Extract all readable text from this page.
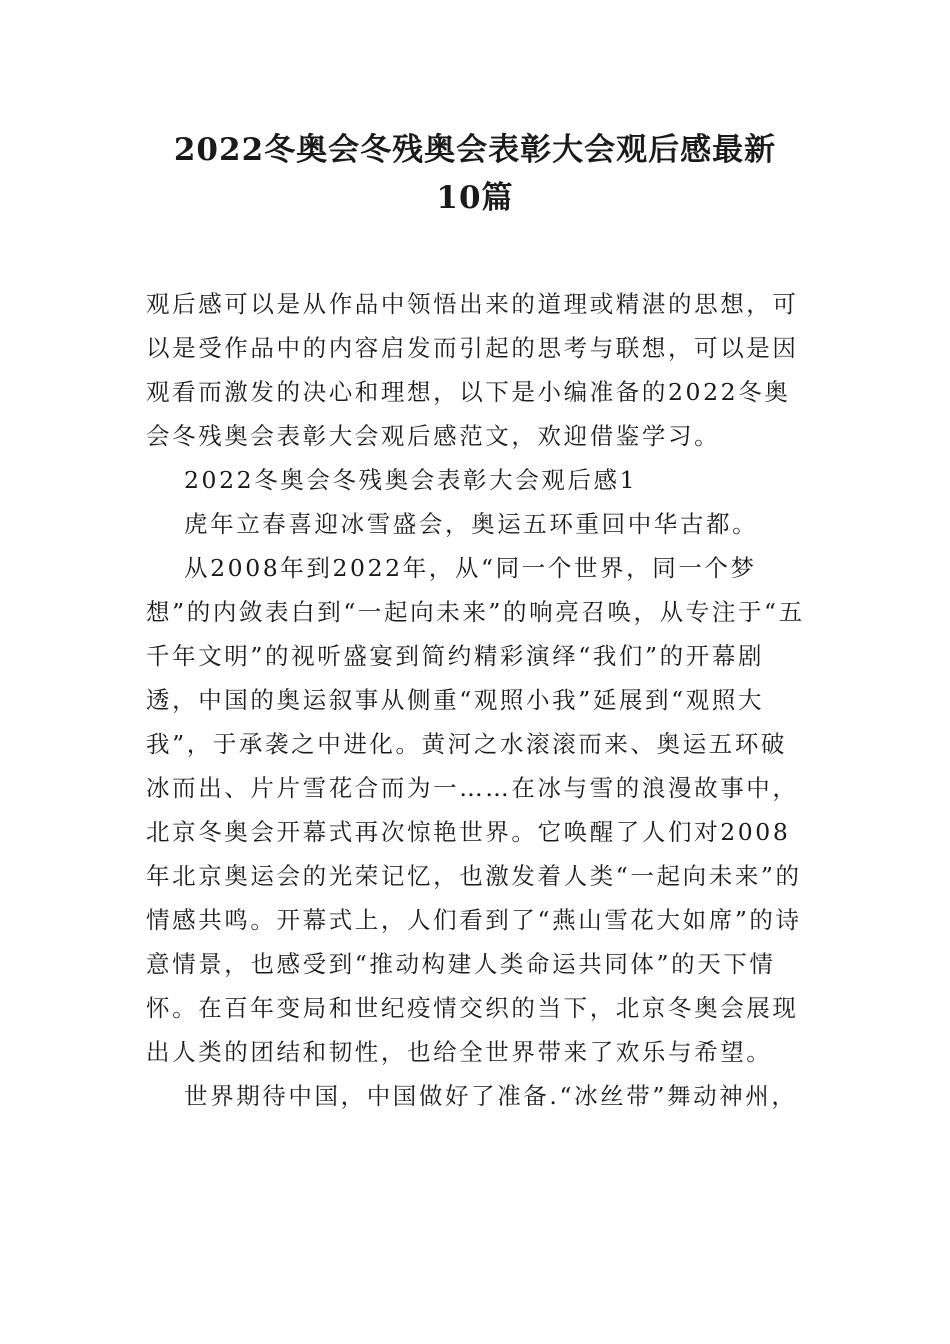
2022冬奥会冬残奥会表彰大会观后感最新
10篇

观后感可以是从作品中领悟出来的道理或精湛的思想，可以是受作品中的内容启发而引起的思考与联想，可以是因观看而激发的决心和理想，以下是小编准备的2022冬奥会冬残奥会表彰大会观后感范文，欢迎借鉴学习。

2022冬奥会冬残奥会表彰大会观后感1

虎年立春喜迎冰雪盛会，奥运五环重回中华古都。

从2008年到2022年，从“同一个世界，同一个梦想”的内敛表白到“一起向未来”的响亮召唤，从专注于“五千年文明”的视听盛宴到简约精彩演绎“我们”的开幕剧透，中国的奥运叙事从侧重“观照小我”延展到“观照大我”，于承袭之中进化。黄河之水滚滚而来、奥运五环破冰而出、片片雪花合而为一……在冰与雪的浪漫故事中，北京冬奥会开幕式再次惊艳世界。它唤醒了人们对2008年北京奥运会的光荣记忆，也激发着人类“一起向未来”的情感共鸣。开幕式上，人们看到了“燕山雪花大如席”的诗意情景，也感受到“推动构建人类命运共同体”的天下情怀。在百年变局和世纪疫情交织的当下，北京冬奥会展现出人类的团结和韧性，也给全世界带来了欢乐与希望。

世界期待中国，中国做好了准备.“冰丝带”舞动神州，
